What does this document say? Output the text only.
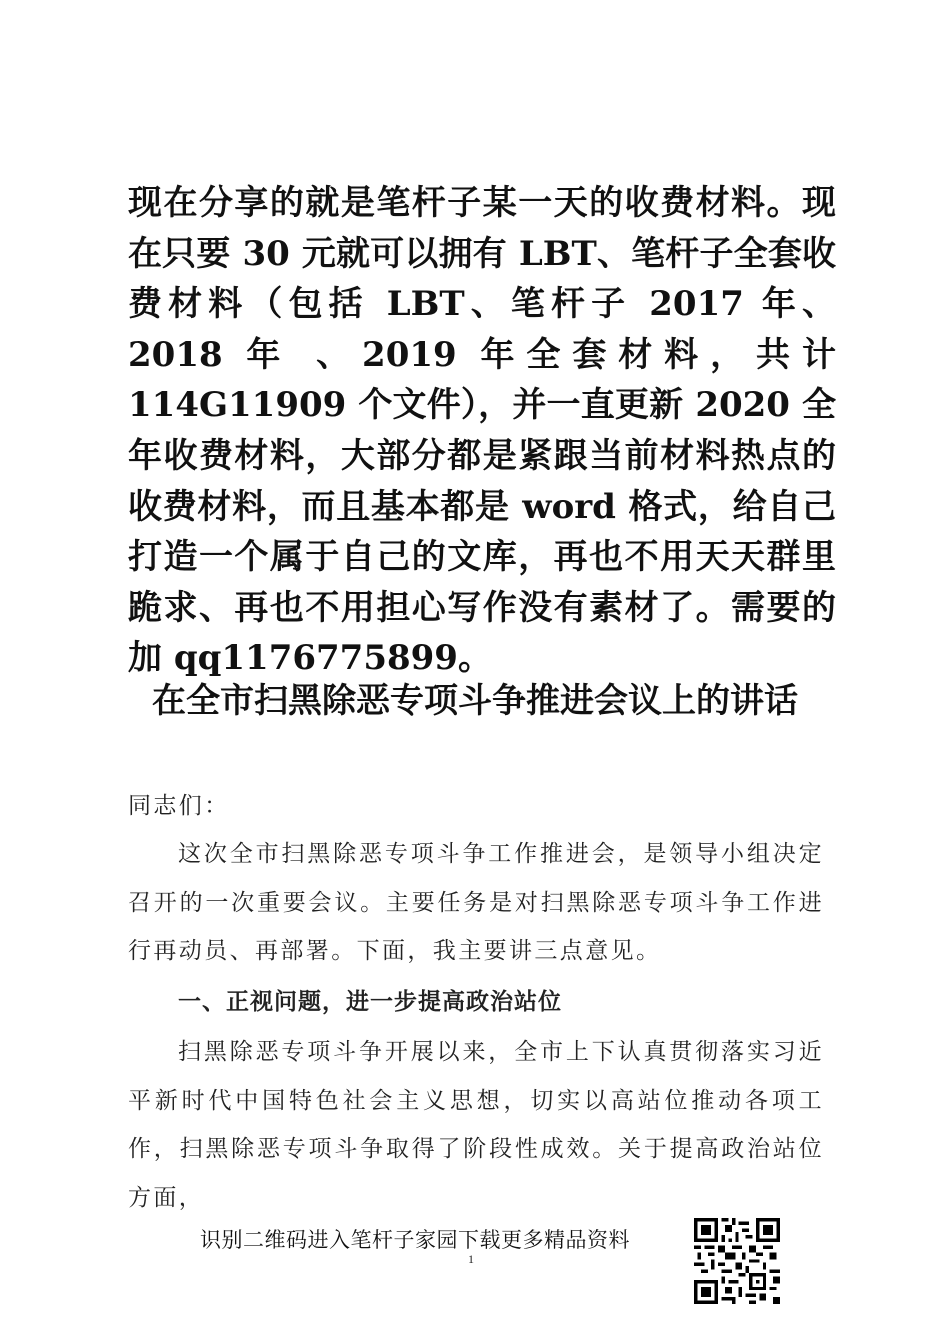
现在分享的就是笔杆子某一天的收费材料。现在只要 30 元就可以拥有 LBT、笔杆子全套收费材料（包括 LBT、笔杆子 2017 年、2018 年 、2019 年全套材料，共计 114G11909 个文件），并一直更新 2020 全年收费材料，大部分都是紧跟当前材料热点的收费材料，而且基本都是 word 格式，给自己打造一个属于自己的文库，再也不用天天群里跪求、再也不用担心写作没有素材了。需要的加 qq1176775899。
在全市扫黑除恶专项斗争推进会议上的讲话
同志们：
这次全市扫黑除恶专项斗争工作推进会，是领导小组决定召开的一次重要会议。主要任务是对扫黑除恶专项斗争工作进行再动员、再部署。下面，我主要讲三点意见。
一、正视问题，进一步提高政治站位
扫黑除恶专项斗争开展以来，全市上下认真贯彻落实习近平新时代中国特色社会主义思想，切实以高站位推动各项工作，扫黑除恶专项斗争取得了阶段性成效。关于提高政治站位方面，
识别二维码进入笔杆子家园下载更多精品资料
1
